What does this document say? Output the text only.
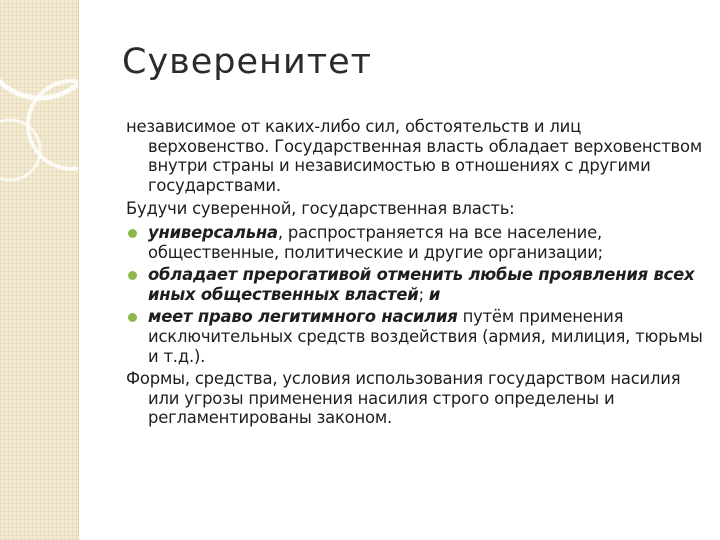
Суверенитет
независимое от каких-либо сил, обстоятельств и лиц верховенство. Государственная власть обладает верховенством внутри страны и независимостью в отношениях с другими государствами.
Будучи суверенной, государственная власть:
универсальна, распространяется на все население, общественные, политические и другие организации;
обладает прерогативой отменить любые проявления всех иных общественных властей; и
меет право легитимного насилия путём применения исключительных средств воздействия (армия, милиция, тюрьмы и т.д.).
Формы, средства, условия использования государством насилия или угрозы применения насилия строго определены и регламентированы законом.
